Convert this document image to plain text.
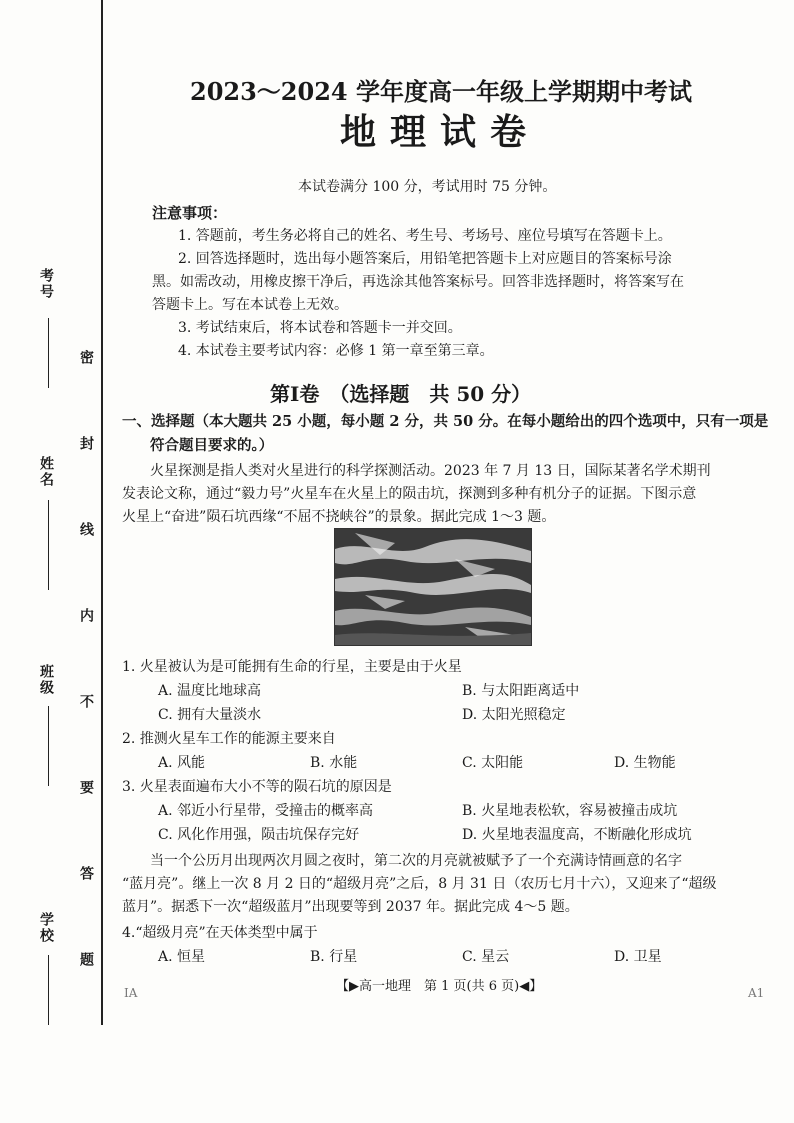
考号
姓名
班级
学校 密 封 线 内 不 要 答 题
2023～2024 学年度高一年级上学期期中考试
地理试卷
本试卷满分 100 分，考试用时 75 分钟。
注意事项：
1. 答题前，考生务必将自己的姓名、考生号、考场号、座位号填写在答题卡上。
2. 回答选择题时，选出每小题答案后，用铅笔把答题卡上对应题目的答案标号涂
黑。如需改动，用橡皮擦干净后，再选涂其他答案标号。回答非选择题时，将答案写在
答题卡上。写在本试卷上无效。
3. 考试结束后，将本试卷和答题卡一并交回。
4. 本试卷主要考试内容：必修 1 第一章至第三章。
第Ⅰ卷　（选择题　共 50 分）
一、选择题（本大题共 25 小题，每小题 2 分，共 50 分。在每小题给出的四个选项中，只有一项是
符合题目要求的。）
火星探测是指人类对火星进行的科学探测活动。2023 年 7 月 13 日，国际某著名学术期刊
发表论文称，通过“毅力号”火星车在火星上的陨击坑，探测到多种有机分子的证据。下图示意
火星上“奋进”陨石坑西缘“不屈不挠峡谷”的景象。据此完成 1～3 题。
1. 火星被认为是可能拥有生命的行星，主要是由于火星
A. 温度比地球高	B. 与太阳距离适中
C. 拥有大量淡水	D. 太阳光照稳定
2. 推测火星车工作的能源主要来自
A. 风能	B. 水能	C. 太阳能	D. 生物能
3. 火星表面遍布大小不等的陨石坑的原因是
A. 邻近小行星带，受撞击的概率高	B. 火星地表松软，容易被撞击成坑
C. 风化作用强，陨击坑保存完好	D. 火星地表温度高，不断融化形成坑
当一个公历月出现两次月圆之夜时，第二次的月亮就被赋予了一个充满诗情画意的名字
“蓝月亮”。继上一次 8 月 2 日的“超级月亮”之后，8 月 31 日（农历七月十六），又迎来了“超级
蓝月”。据悉下一次“超级蓝月”出现要等到 2037 年。据此完成 4～5 题。
4.“超级月亮”在天体类型中属于
A. 恒星	B. 行星	C. 星云	D. 卫星
IA	【▶高一地理　第 1 页(共 6 页)◀】	A1
